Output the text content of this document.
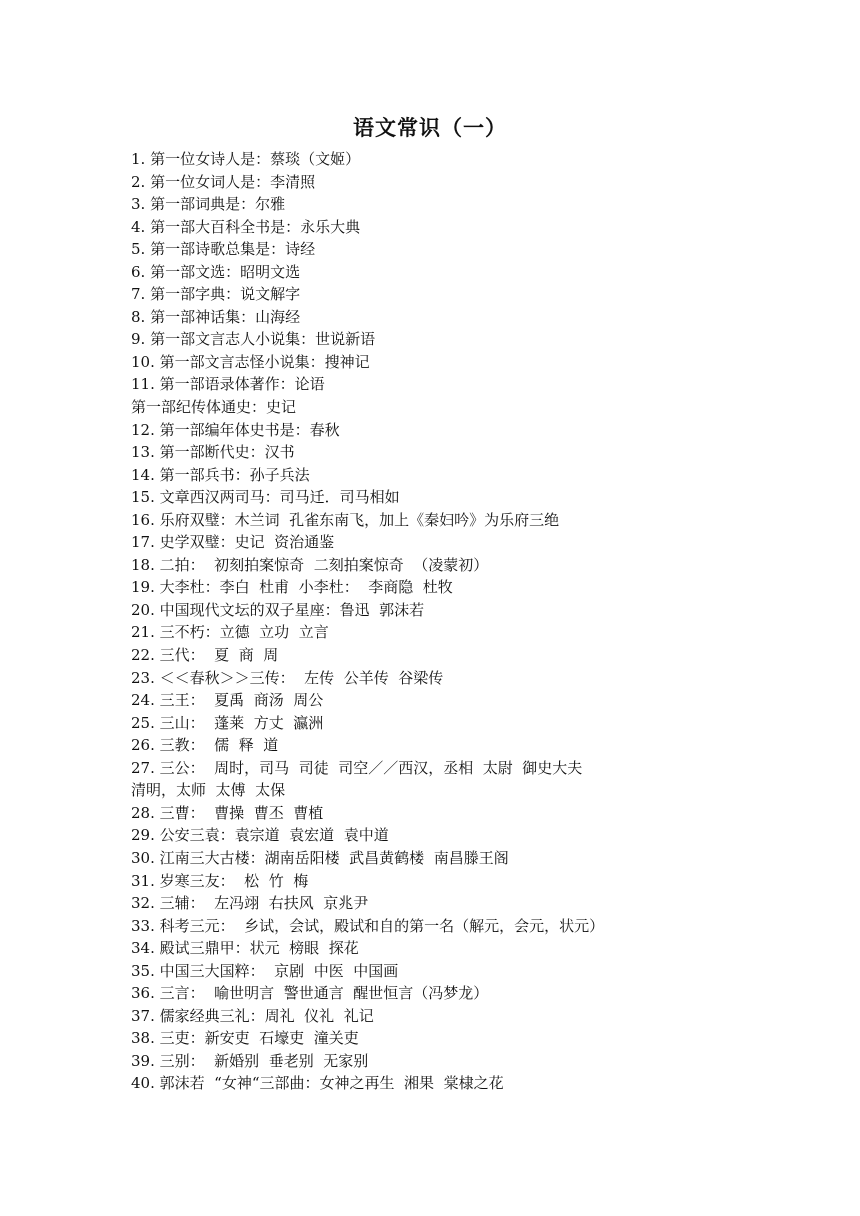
语文常识（一）
1. 第一位女诗人是：蔡琰（文姬）
2. 第一位女词人是：李清照
3. 第一部词典是：尔雅
4. 第一部大百科全书是：永乐大典
5. 第一部诗歌总集是：诗经
6. 第一部文选：昭明文选
7. 第一部字典：说文解字
8. 第一部神话集：山海经
9. 第一部文言志人小说集：世说新语
10. 第一部文言志怪小说集：搜神记
11. 第一部语录体著作：论语
第一部纪传体通史：史记
12. 第一部编年体史书是：春秋
13. 第一部断代史：汉书
14. 第一部兵书：孙子兵法
15. 文章西汉两司马：司马迁．司马相如
16. 乐府双璧：木兰词  孔雀东南飞，加上《秦妇吟》为乐府三绝
17. 史学双璧：史记  资治通鉴
18. 二拍：  初刻拍案惊奇  二刻拍案惊奇  （凌蒙初）
19. 大李杜：李白  杜甫  小李杜：  李商隐  杜牧
20. 中国现代文坛的双子星座：鲁迅  郭沫若
21. 三不朽：立德  立功  立言
22. 三代：  夏  商  周
23. ＜＜春秋＞＞三传：  左传  公羊传  谷梁传
24. 三王：  夏禹  商汤  周公
25. 三山：  蓬莱  方丈  瀛洲
26. 三教：  儒  释  道
27. 三公：  周时，司马  司徒  司空／／西汉，丞相  太尉  御史大夫
清明，太师  太傅  太保
28. 三曹：  曹操  曹丕  曹植
29. 公安三袁：袁宗道  袁宏道  袁中道
30. 江南三大古楼：湖南岳阳楼  武昌黄鹤楼  南昌滕王阁
31. 岁寒三友：  松  竹  梅
32. 三辅：  左冯翊  右扶风  京兆尹
33. 科考三元：  乡试，会试，殿试和自的第一名（解元，会元，状元）
34. 殿试三鼎甲：状元  榜眼  探花
35. 中国三大国粹：  京剧  中医  中国画
36. 三言：  喻世明言  警世通言  醒世恒言（冯梦龙）
37. 儒家经典三礼：周礼  仪礼  礼记
38. 三吏：新安吏  石壕吏  潼关吏
39. 三别：  新婚别  垂老别  无家别
40. 郭沫若  “女神“三部曲：女神之再生  湘果  棠棣之花
